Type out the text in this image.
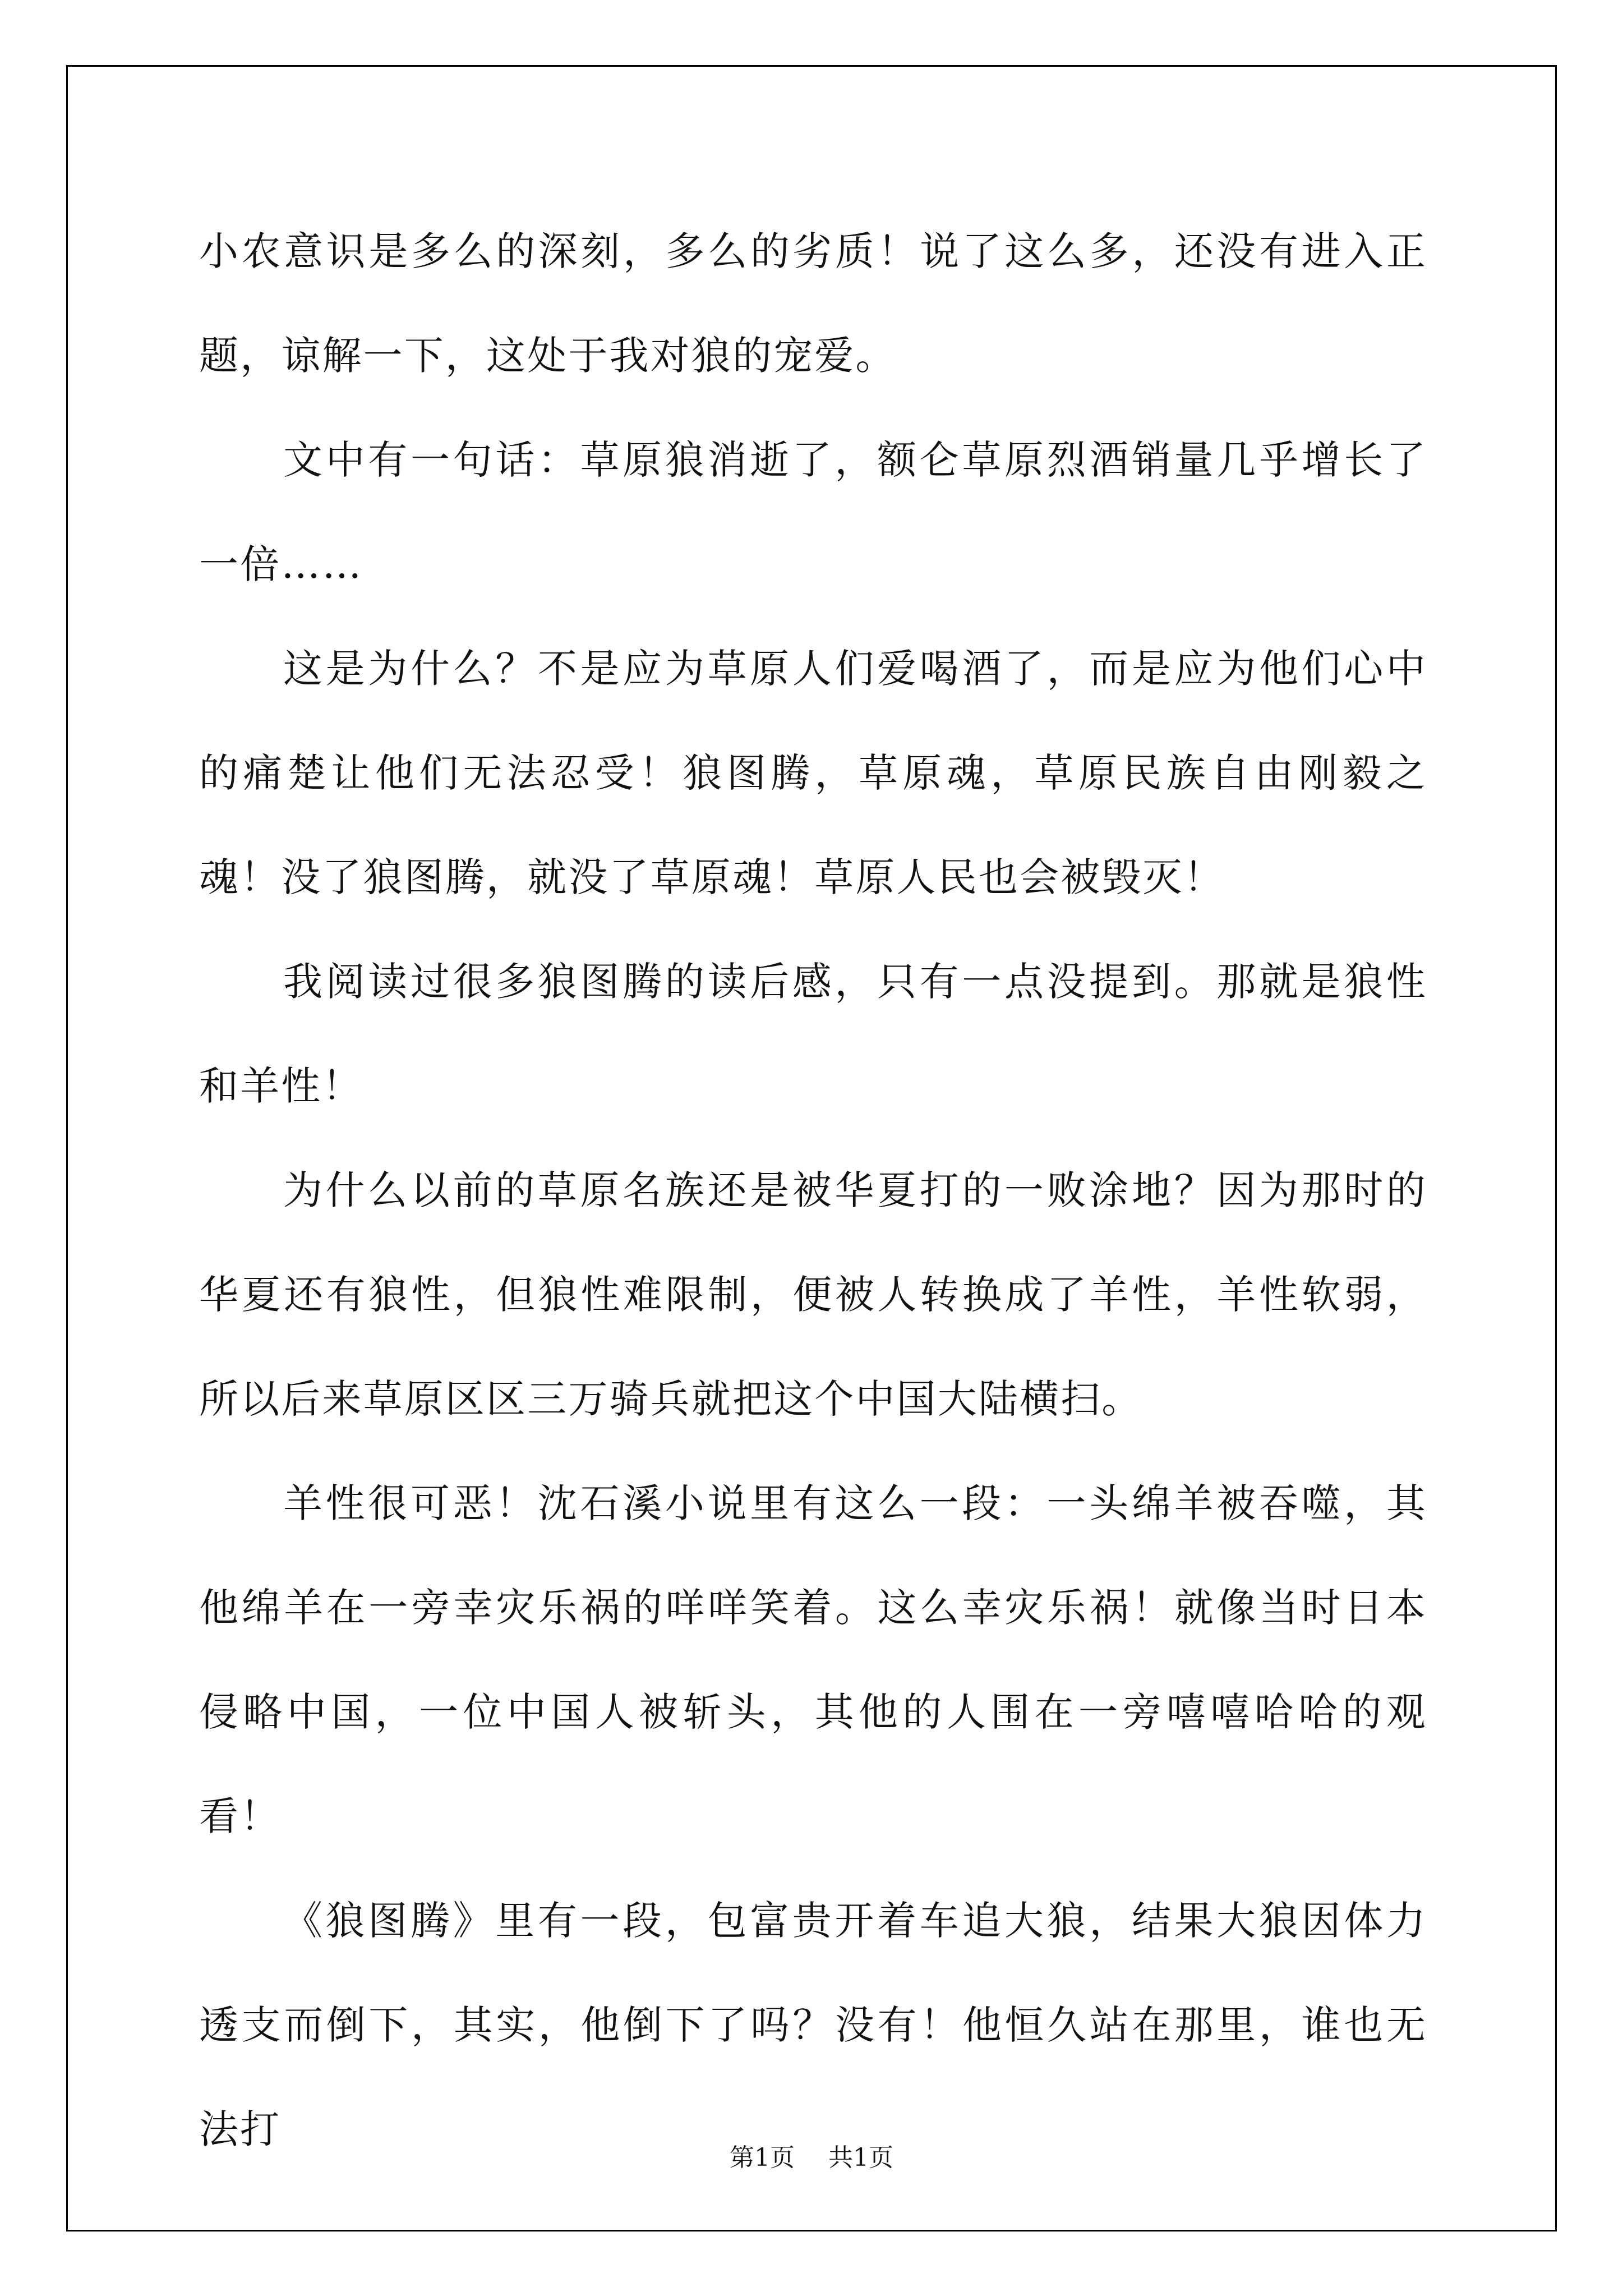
小农意识是多么的深刻，多么的劣质！说了这么多，还没有进入正题，谅解一下，这处于我对狼的宠爱。

文中有一句话：草原狼消逝了，额仑草原烈酒销量几乎增长了一倍……

这是为什么？不是应为草原人们爱喝酒了，而是应为他们心中的痛楚让他们无法忍受！狼图腾，草原魂，草原民族自由刚毅之魂！没了狼图腾，就没了草原魂！草原人民也会被毁灭！

我阅读过很多狼图腾的读后感，只有一点没提到。那就是狼性和羊性！

为什么以前的草原名族还是被华夏打的一败涂地？因为那时的华夏还有狼性，但狼性难限制，便被人转换成了羊性，羊性软弱，所以后来草原区区三万骑兵就把这个中国大陆横扫。

羊性很可恶！沈石溪小说里有这么一段：一头绵羊被吞噬，其他绵羊在一旁幸灾乐祸的咩咩笑着。这么幸灾乐祸！就像当时日本侵略中国，一位中国人被斩头，其他的人围在一旁嘻嘻哈哈的观看！

《狼图腾》里有一段，包富贵开着车追大狼，结果大狼因体力透支而倒下，其实，他倒下了吗？没有！他恒久站在那里，谁也无法打

第1页 共1页
